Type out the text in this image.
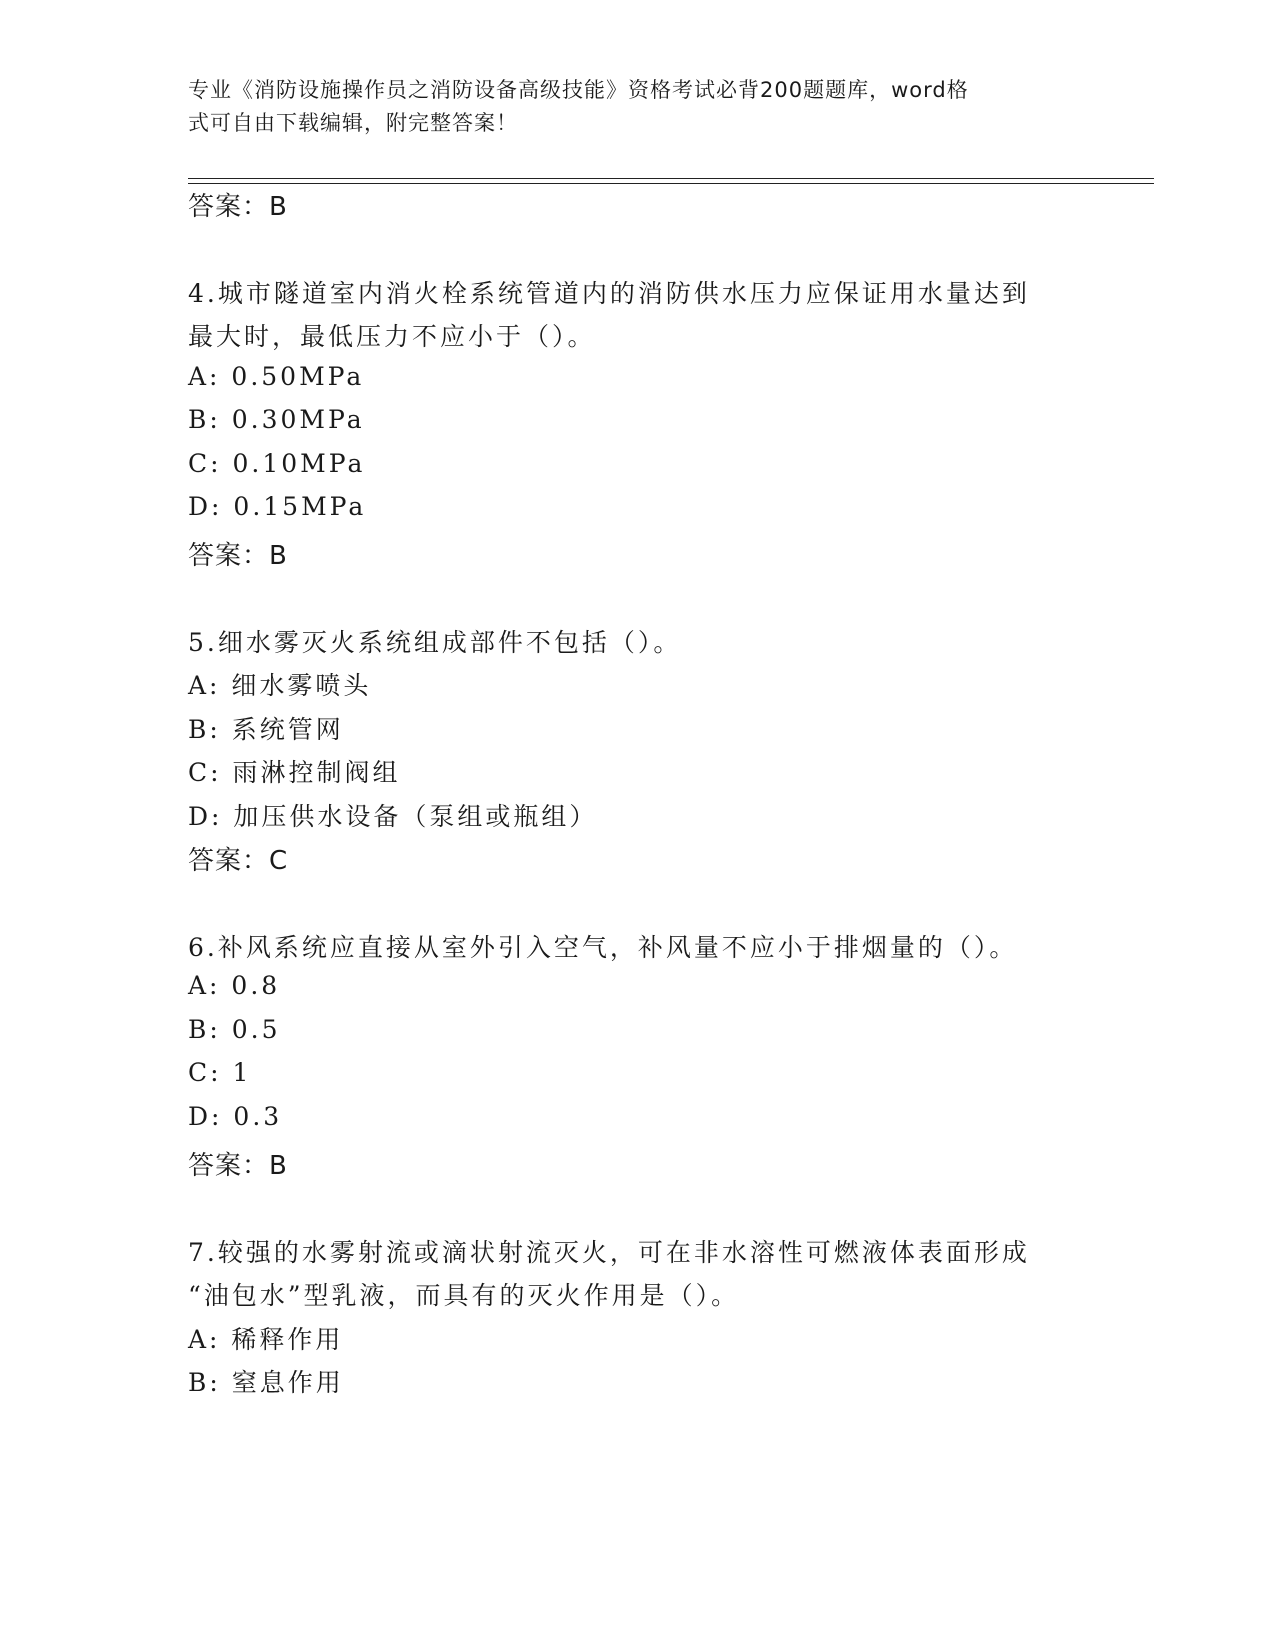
专业《消防设施操作员之消防设备高级技能》资格考试必背200题题库，word格
式可自由下载编辑，附完整答案！
答案：B
4.城市隧道室内消火栓系统管道内的消防供水压力应保证用水量达到
最大时，最低压力不应小于（）。
A: 0.50MPa
B: 0.30MPa
C: 0.10MPa
D: 0.15MPa
答案：B
5.细水雾灭火系统组成部件不包括（）。
A: 细水雾喷头
B: 系统管网
C: 雨淋控制阀组
D: 加压供水设备（泵组或瓶组）
答案：C
6.补风系统应直接从室外引入空气，补风量不应小于排烟量的（）。
A: 0.8
B: 0.5
C: 1
D: 0.3
答案：B
7.较强的水雾射流或滴状射流灭火，可在非水溶性可燃液体表面形成
“油包水”型乳液，而具有的灭火作用是（）。
A: 稀释作用
B: 窒息作用
